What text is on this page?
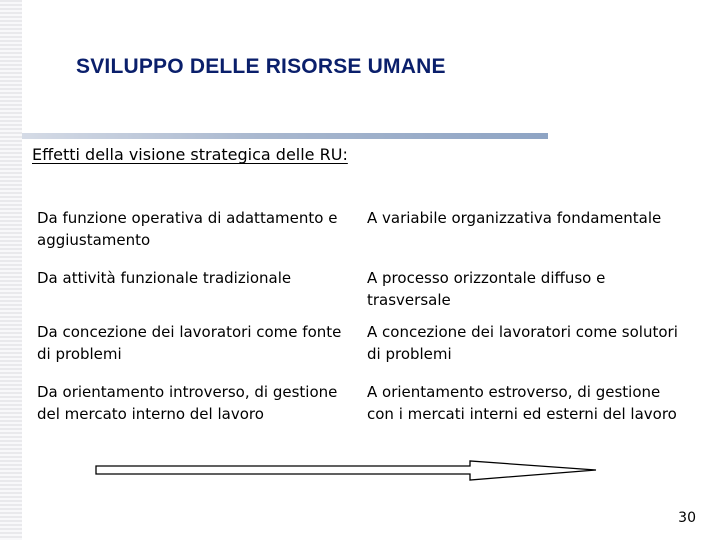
SVILUPPO DELLE RISORSE UMANE
Effetti della visione strategica delle RU:
Da funzione operativa di adattamento e aggiustamento
A variabile organizzativa fondamentale
Da attività funzionale tradizionale	A processo orizzontale diffuso e trasversale
Da concezione dei lavoratori come fonte di problemi
A concezione dei lavoratori come solutori di problemi
Da orientamento introverso, di gestione del mercato interno del lavoro
A orientamento estroverso, di gestione con i mercati interni ed esterni del lavoro
30
